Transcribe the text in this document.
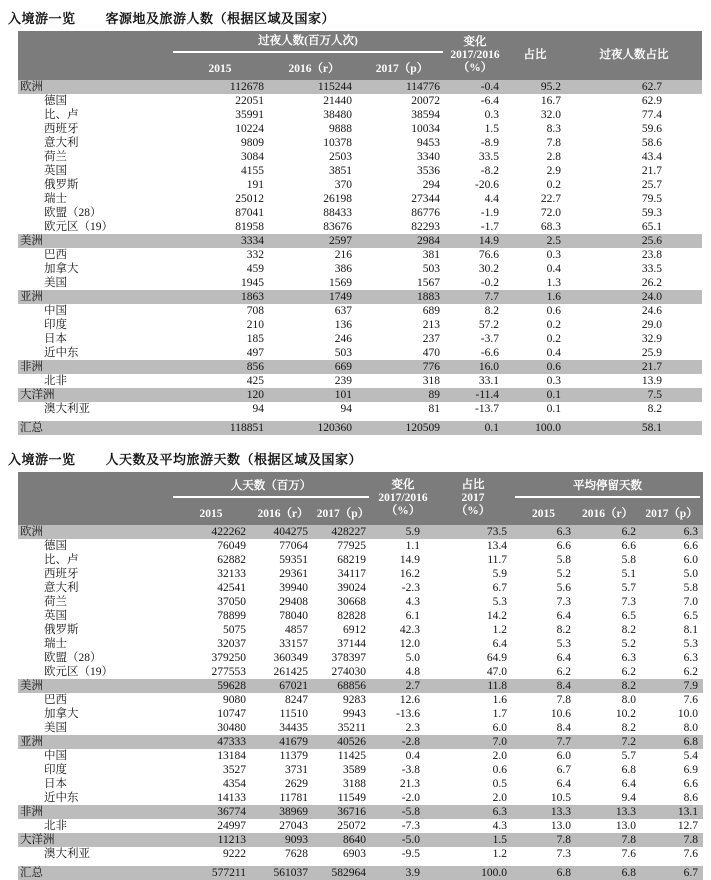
入境游一览 客源地及旅游人数（根据区域及国家）

	过夜人数(百万人次)			变化
2017/2016
（%）	占比	过夜人数占比
	2015	2016（r）	2017（p）			
欧洲	112678	115244	114776	-0.4	95.2	62.7
德国	22051	21440	20072	-6.4	16.7	62.9
比、卢	35991	38480	38594	0.3	32.0	77.4
西班牙	10224	9888	10034	1.5	8.3	59.6
意大利	9809	10378	9453	-8.9	7.8	58.6
荷兰	3084	2503	3340	33.5	2.8	43.4
英国	4155	3851	3536	-8.2	2.9	21.7
俄罗斯	191	370	294	-20.6	0.2	25.7
瑞士	25012	26198	27344	4.4	22.7	79.5
欧盟（28）	87041	88433	86776	-1.9	72.0	59.3
欧元区（19）	81958	83676	82293	-1.7	68.3	65.1
美洲	3334	2597	2984	14.9	2.5	25.6
巴西	332	216	381	76.6	0.3	23.8
加拿大	459	386	503	30.2	0.4	33.5
美国	1945	1569	1567	-0.2	1.3	26.2
亚洲	1863	1749	1883	7.7	1.6	24.0
中国	708	637	689	8.2	0.6	24.6
印度	210	136	213	57.2	0.2	29.0
日本	185	246	237	-3.7	0.2	32.9
近中东	497	503	470	-6.6	0.4	25.9
非洲	856	669	776	16.0	0.6	21.7
北非	425	239	318	33.1	0.3	13.9
大洋洲	120	101	89	-11.4	0.1	7.5
澳大利亚	94	94	81	-13.7	0.1	8.2

汇总	118851	120360	120509	0.1	100.0	58.1
入境游一览 人天数及平均旅游天数（根据区域及国家）

人天数（百万）	变化
2017/2016
（%）

占比
2017
（%）

平均停留天数

	2015	2016（r）	2017（p）			2015	2016（r）	2017（p）
欧洲	422262	404275	428227	5.9	73.5	6.3	6.2	6.3
德国	76049	77064	77925	1.1	13.4	6.6	6.6	6.6
比、卢	62882	59351	68219	14.9	11.7	5.8	5.8	6.0
西班牙	32133	29361	34117	16.2	5.9	5.2	5.1	5.0
意大利	42541	39940	39024	-2.3	6.7	5.6	5.7	5.8
荷兰	37050	29408	30668	4.3	5.3	7.3	7.3	7.0
英国	78899	78040	82828	6.1	14.2	6.4	6.5	6.5
俄罗斯	5075	4857	6912	42.3	1.2	8.2	8.2	8.1
瑞士	32037	33157	37144	12.0	6.4	5.3	5.2	5.3
欧盟（28）	379250	360349	378397	5.0	64.9	6.4	6.3	6.3
欧元区（19）	277553	261425	274030	4.8	47.0	6.2	6.2	6.2
美洲	59628	67021	68856	2.7	11.8	8.4	8.2	7.9
巴西	9080	8247	9283	12.6	1.6	7.8	8.0	7.6
加拿大	10747	11510	9943	-13.6	1.7	10.6	10.2	10.0
美国	30480	34435	35211	2.3	6.0	8.4	8.2	8.0
亚洲	47333	41679	40526	-2.8	7.0	7.7	7.2	6.8
中国	13184	11379	11425	0.4	2.0	6.0	5.7	5.4
印度	3527	3731	3589	-3.8	0.6	6.7	6.8	6.9
日本	4354	2629	3188	21.3	0.5	6.4	6.4	6.6
近中东	14133	11781	11549	-2.0	2.0	10.5	9.4	8.6
非洲	36774	38969	36716	-5.8	6.3	13.3	13.3	13.1
北非	24997	27043	25072	-7.3	4.3	13.0	13.0	12.7
大洋洲	11213	9093	8640	-5.0	1.5	7.8	7.8	7.8
澳大利亚	9222	7628	6903	-9.5	1.2	7.3	7.6	7.6

汇总	577211	561037	582964	3.9	100.0	6.8	6.8	6.7
